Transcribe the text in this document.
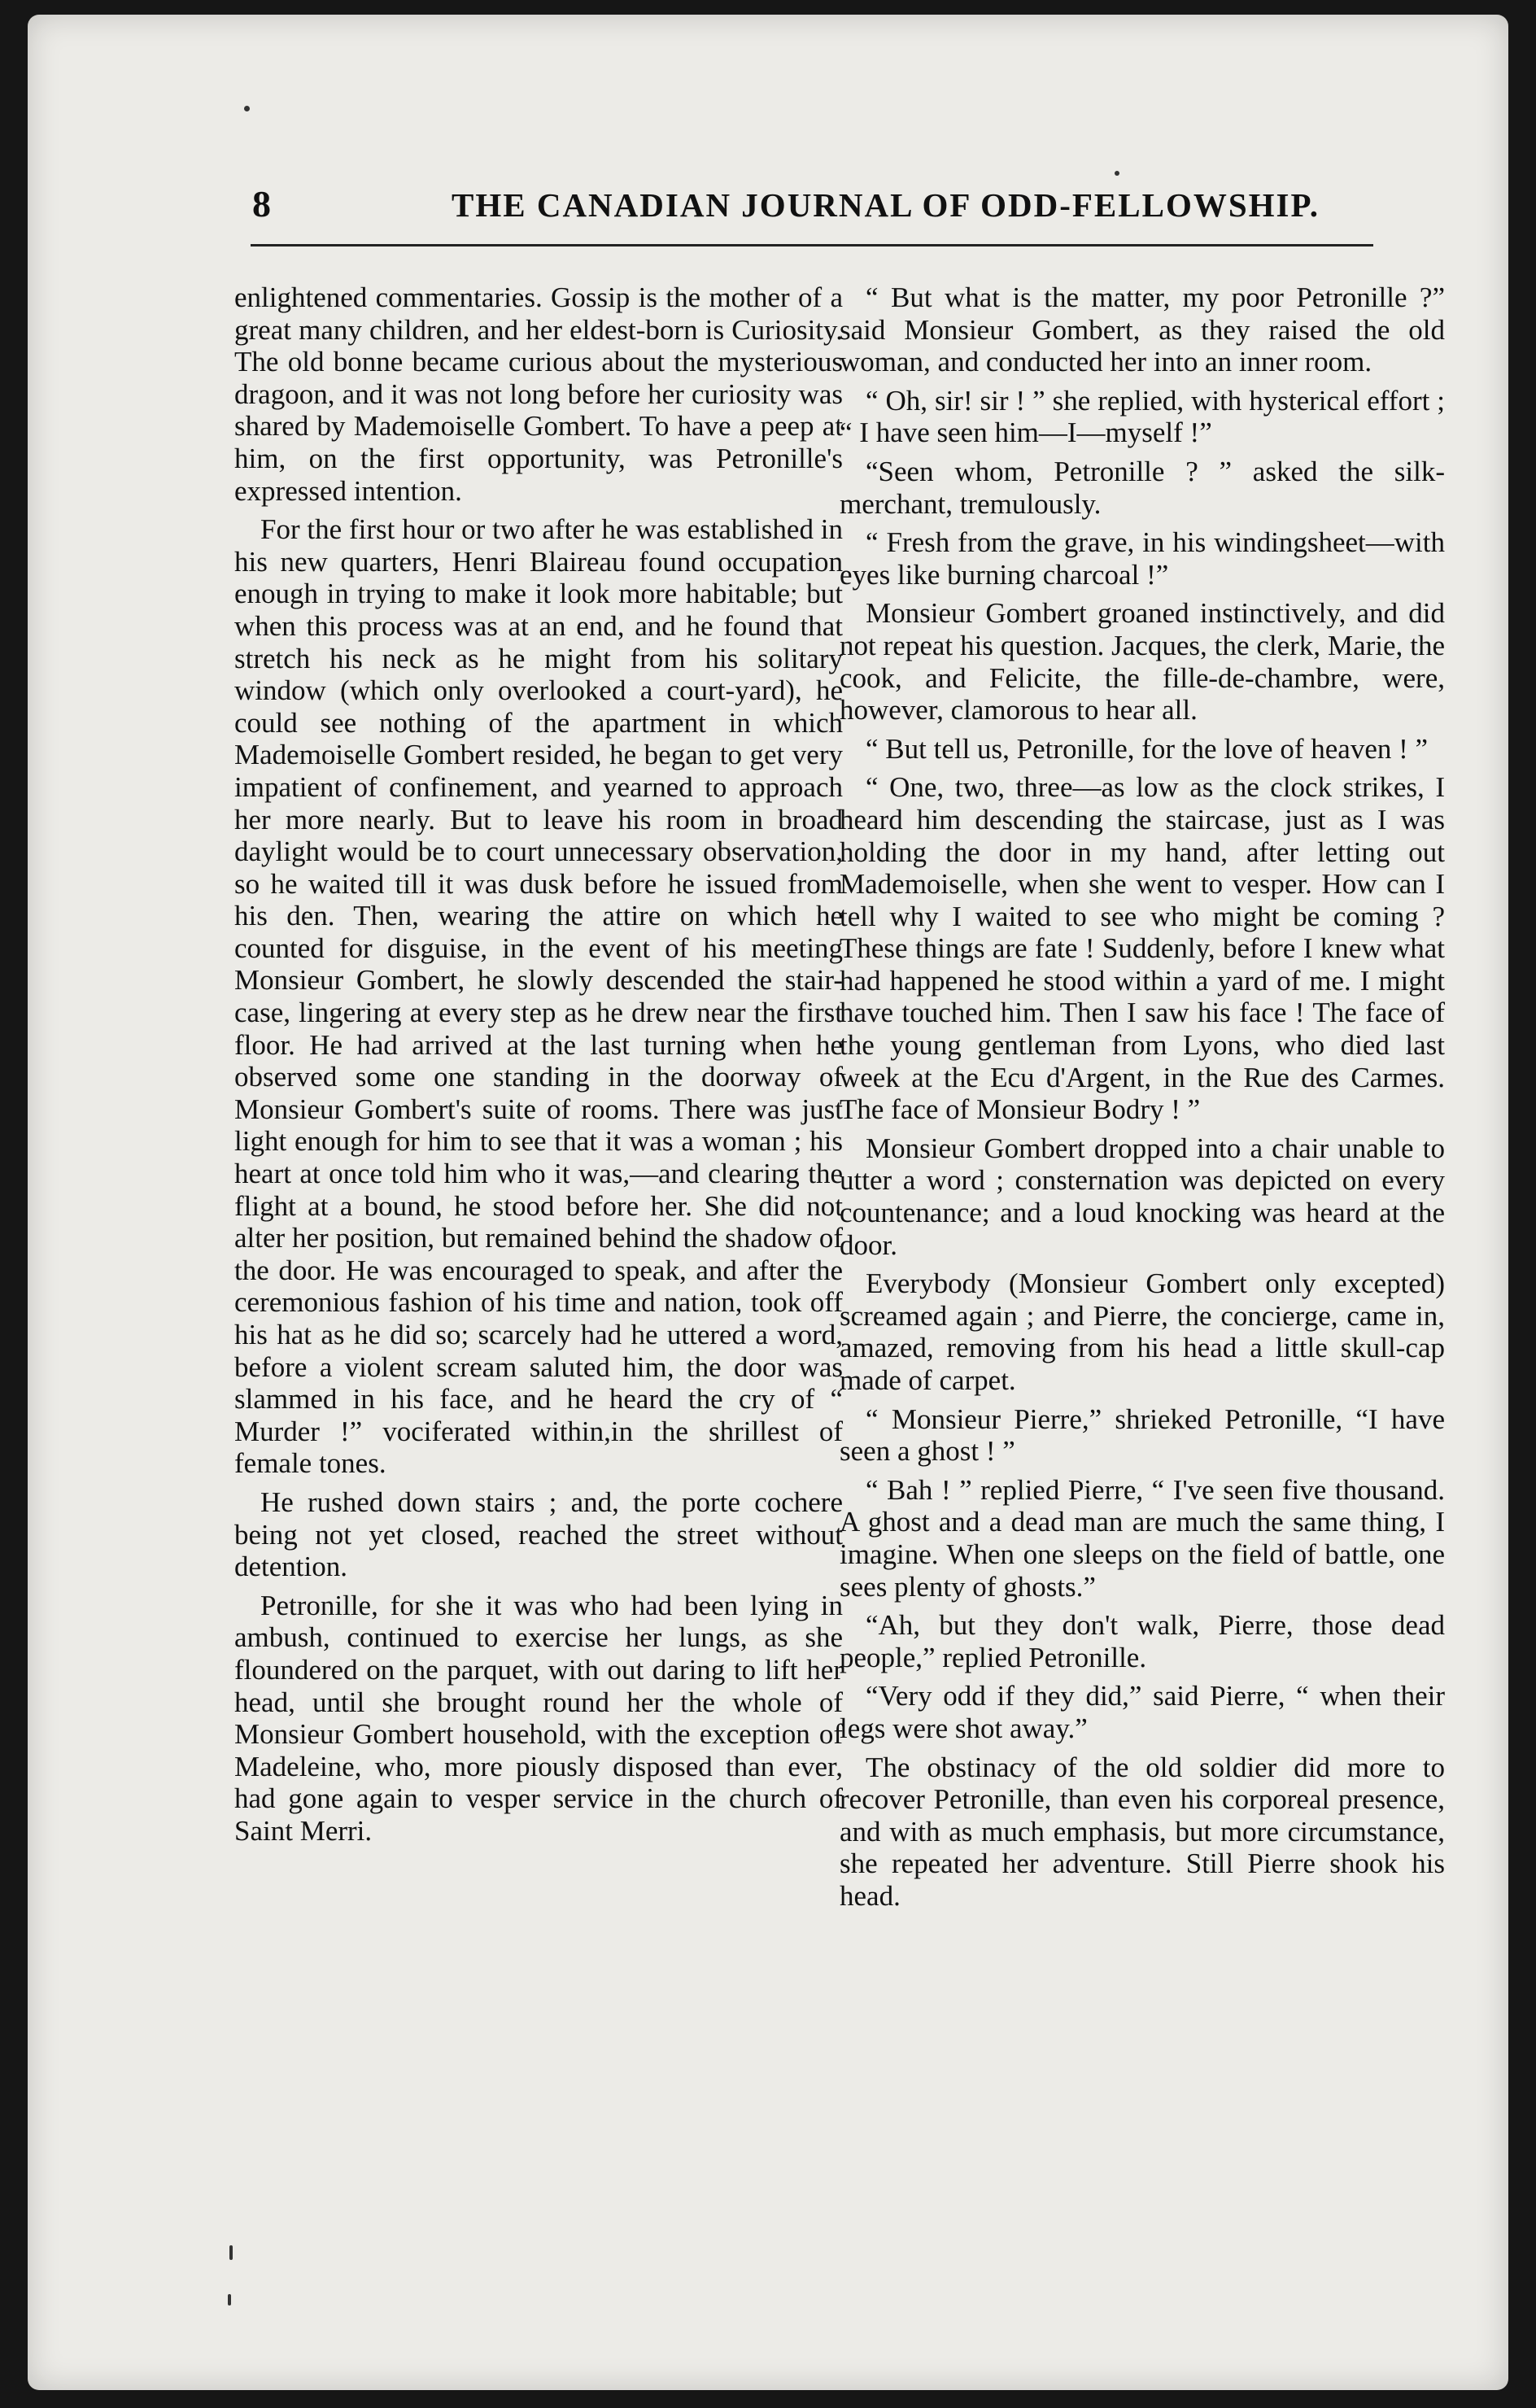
8	THE CANADIAN JOURNAL OF ODD-FELLOWSHIP.

enlightened commentaries. Gossip is the mother of a great many children, and her eldest-born is Curiosity. The old bonne became curious about the mysterious dragoon, and it was not long before her curiosity was shared by Mademoiselle Gombert. To have a peep at him, on the first opportunity, was Petronille's expressed intention.

For the first hour or two after he was established in his new quarters, Henri Blaireau found occupation enough in trying to make it look more habitable; but when this process was at an end, and he found that stretch his neck as he might from his solitary window (which only overlooked a court-yard), he could see nothing of the apartment in which Mademoiselle Gombert resided, he began to get very impatient of confinement, and yearned to approach her more nearly. But to leave his room in broad daylight would be to court unnecessary observation, so he waited till it was dusk before he issued from his den. Then, wearing the attire on which he counted for disguise, in the event of his meeting Monsieur Gombert, he slowly descended the stair-case, lingering at every step as he drew near the first floor. He had arrived at the last turning when he observed some one standing in the doorway of Monsieur Gombert's suite of rooms. There was just light enough for him to see that it was a woman ; his heart at once told him who it was,—and clearing the flight at a bound, he stood before her. She did not alter her position, but remained behind the shadow of the door. He was encouraged to speak, and after the ceremonious fashion of his time and nation, took off his hat as he did so; scarcely had he uttered a word, before a violent scream saluted him, the door was slammed in his face, and he heard the cry of “ Murder !” vociferated within,in the shrillest of female tones.

He rushed down stairs ; and, the porte cochere being not yet closed, reached the street without detention.

Petronille, for she it was who had been lying in ambush, continued to exercise her lungs, as she floundered on the parquet, with out daring to lift her head, until she brought round her the whole of Monsieur Gombert household, with the exception of Madeleine, who, more piously disposed than ever, had gone again to vesper service in the church of Saint Merri.

“ But what is the matter, my poor Petronille ?” said Monsieur Gombert, as they raised the old woman, and conducted her into an inner room.

“ Oh, sir! sir ! ” she replied, with hysterical effort ; “ I have seen him—I—myself !”

“Seen whom, Petronille ? ” asked the silk-merchant, tremulously.

“ Fresh from the grave, in his windingsheet—with eyes like burning charcoal !”

Monsieur Gombert groaned instinctively, and did not repeat his question. Jacques, the clerk, Marie, the cook, and Felicite, the fille-de-chambre, were, however, clamorous to hear all.

“ But tell us, Petronille, for the love of heaven ! ”

“ One, two, three—as low as the clock strikes, I heard him descending the staircase, just as I was holding the door in my hand, after letting out Mademoiselle, when she went to vesper. How can I tell why I waited to see who might be coming ? These things are fate ! Suddenly, before I knew what had happened he stood within a yard of me. I might have touched him. Then I saw his face ! The face of the young gentleman from Lyons, who died last week at the Ecu d'Argent, in the Rue des Carmes. The face of Monsieur Bodry ! ”

Monsieur Gombert dropped into a chair unable to utter a word ; consternation was depicted on every countenance; and a loud knocking was heard at the door.

Everybody (Monsieur Gombert only excepted) screamed again ; and Pierre, the concierge, came in, amazed, removing from his head a little skull-cap made of carpet.

“ Monsieur Pierre,” shrieked Petronille, “I have seen a ghost ! ”

“ Bah ! ” replied Pierre, “ I've seen five thousand. A ghost and a dead man are much the same thing, I imagine. When one sleeps on the field of battle, one sees plenty of ghosts.”

“Ah, but they don't walk, Pierre, those dead people,” replied Petronille.

“Very odd if they did,” said Pierre, “ when their legs were shot away.”

The obstinacy of the old soldier did more to recover Petronille, than even his corporeal presence, and with as much emphasis, but more circumstance, she repeated her adventure. Still Pierre shook his head.
